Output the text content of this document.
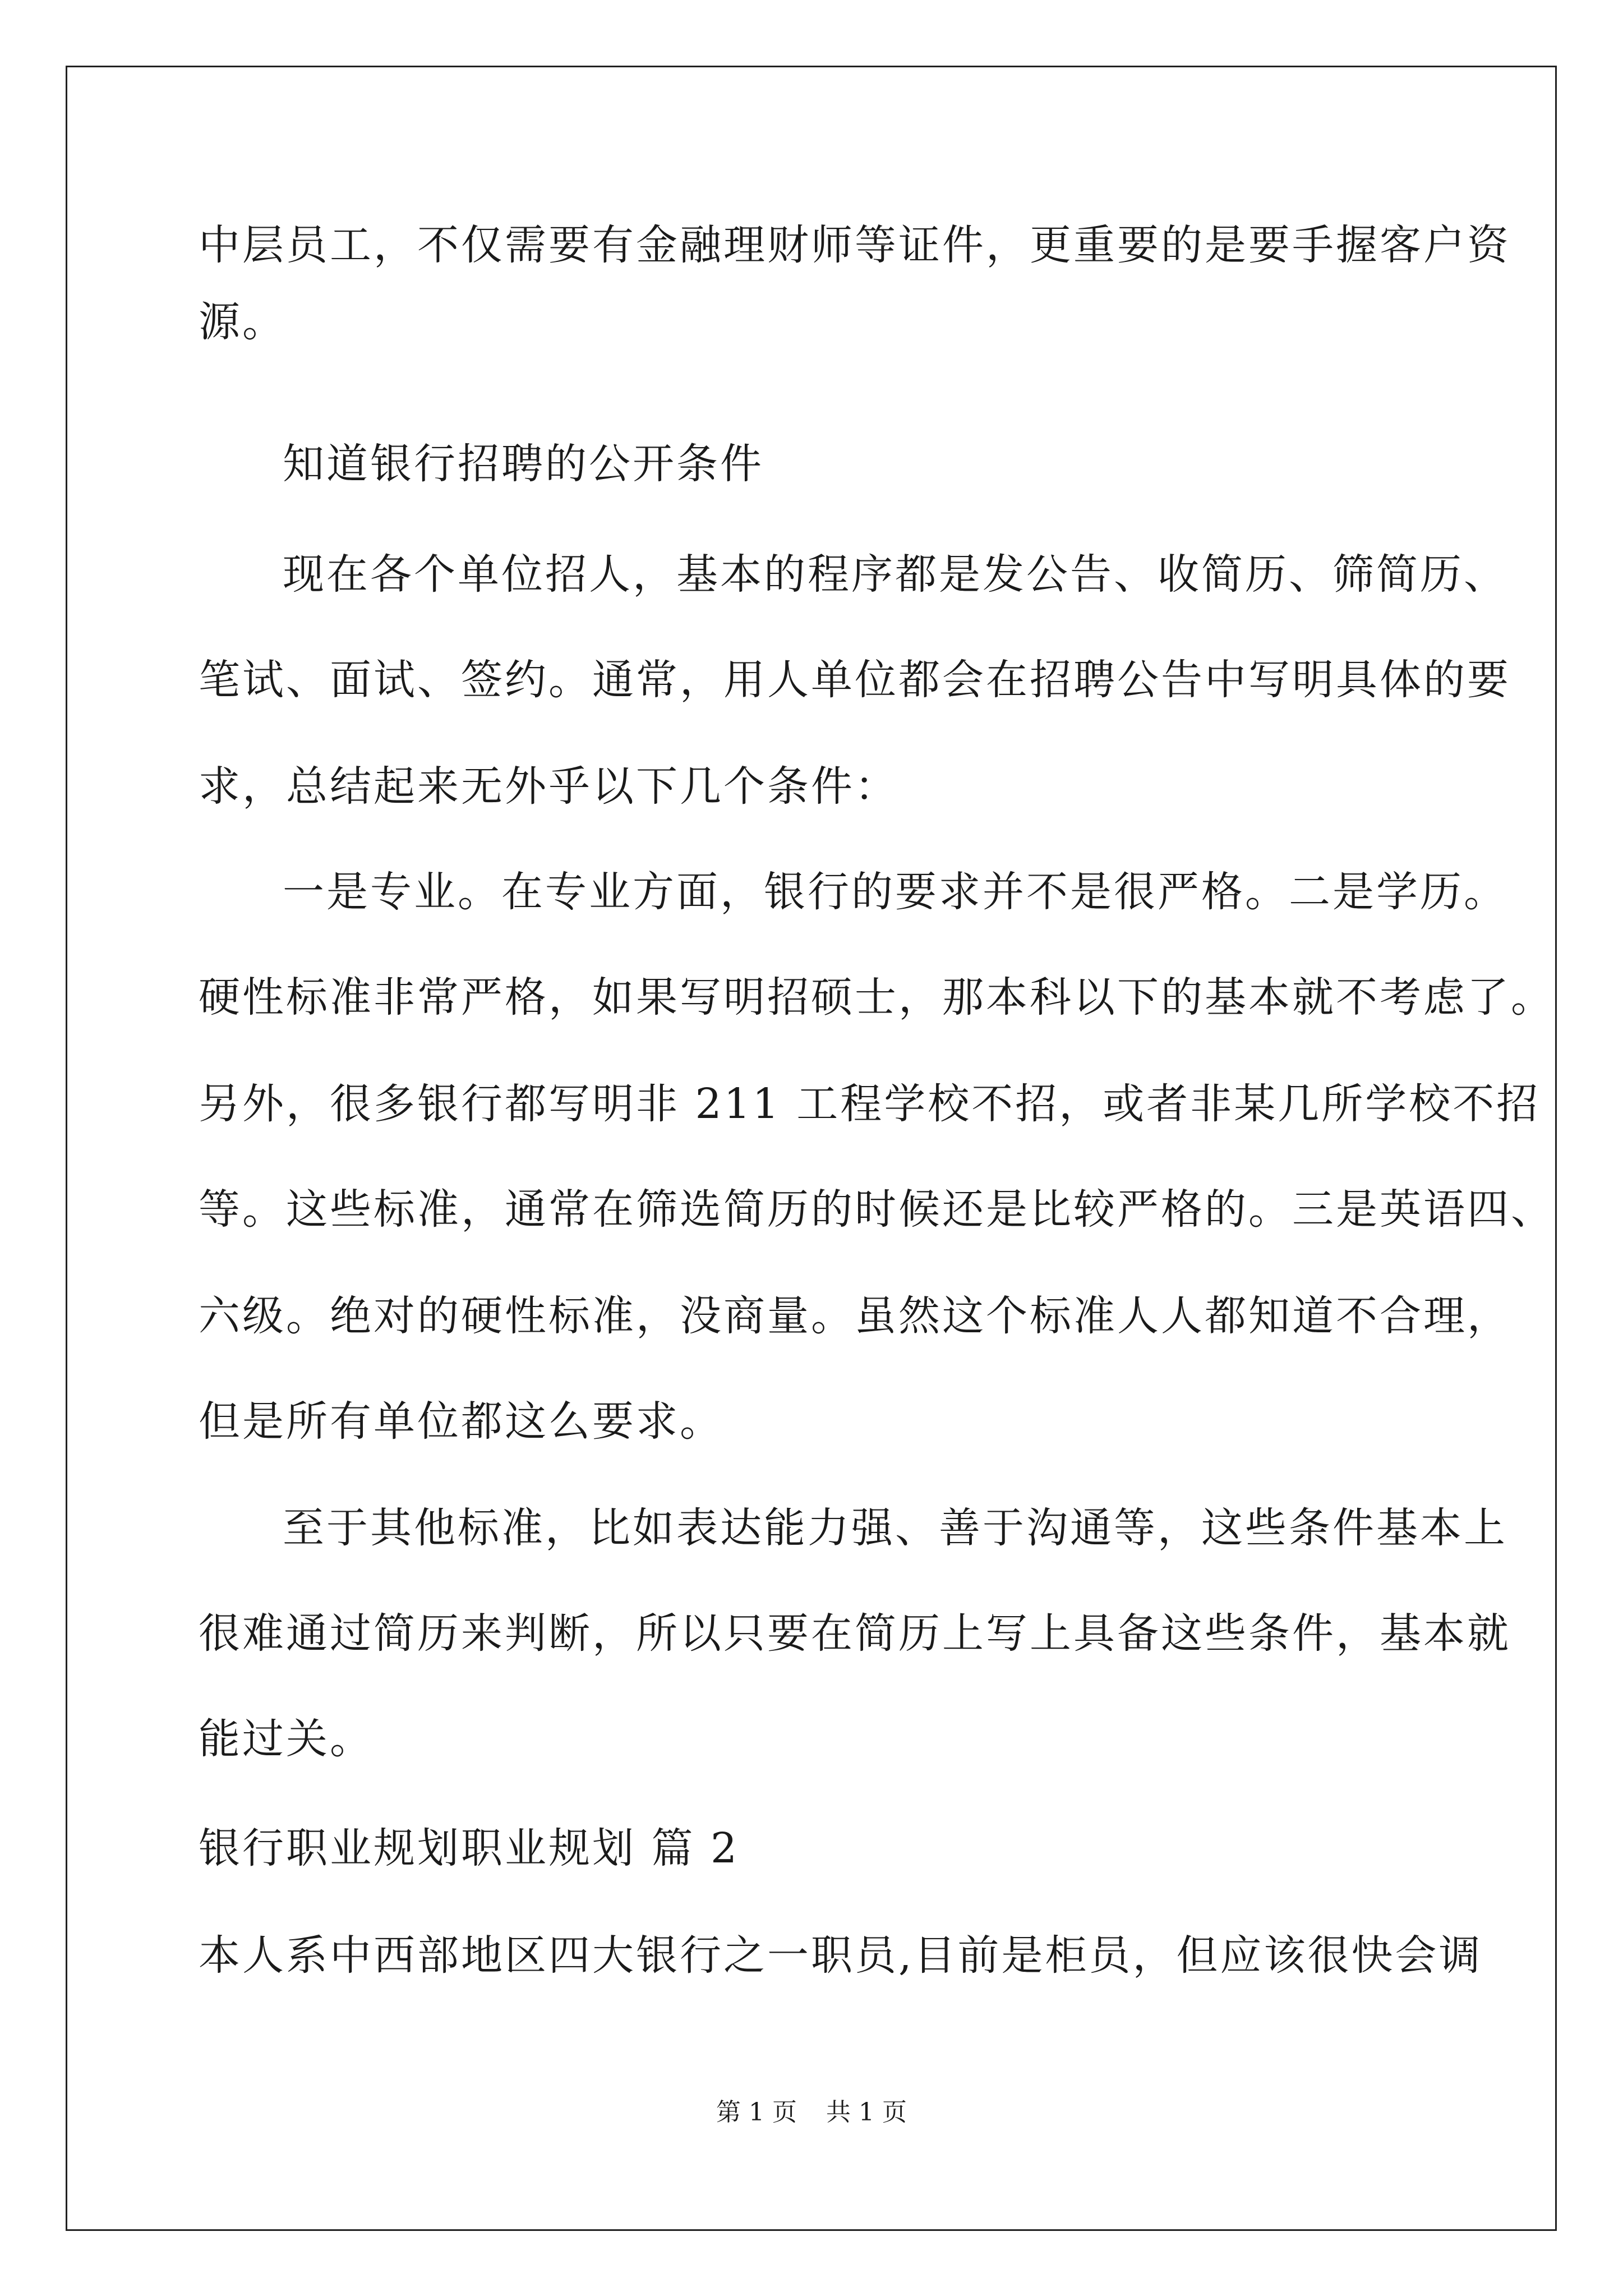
中层员工，不仅需要有金融理财师等证件，更重要的是要手握客户资
源。
知道银行招聘的公开条件
现在各个单位招人，基本的程序都是发公告、收简历、筛简历、
笔试、面试、签约。通常，用人单位都会在招聘公告中写明具体的要
求，总结起来无外乎以下几个条件：
一是专业。在专业方面，银行的要求并不是很严格。二是学历。
硬性标准非常严格，如果写明招硕士，那本科以下的基本就不考虑了。
另外，很多银行都写明非 211 工程学校不招，或者非某几所学校不招
等。这些标准，通常在筛选简历的时候还是比较严格的。三是英语四、
六级。绝对的硬性标准，没商量。虽然这个标准人人都知道不合理，
但是所有单位都这么要求。
至于其他标准，比如表达能力强、善于沟通等，这些条件基本上
很难通过简历来判断，所以只要在简历上写上具备这些条件，基本就
能过关。
银行职业规划职业规划 篇 2
本人系中西部地区四大银行之一职员,目前是柜员，但应该很快会调
第 1 页 共 1 页
